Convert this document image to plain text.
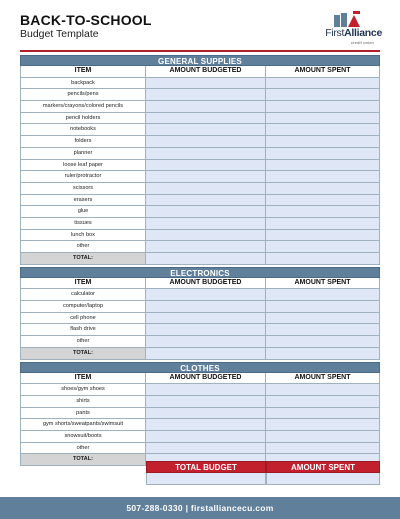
BACK-TO-SCHOOL
Budget Template	FirstAlliance
credit union
GENERAL SUPPLIES
ITEM	AMOUNT BUDGETED	AMOUNT SPENT
backpack
pencils/pens
markers/crayons/colored pencils
pencil holders
notebooks
folders
planner
loose leaf paper
ruler/protractor
scissors
erasers
glue
tissues
lunch box
other
TOTAL:
ELECTRONICS
ITEM	AMOUNT BUDGETED	AMOUNT SPENT
calculator
computer/laptop
cell phone
flash drive
other
TOTAL:
CLOTHES
ITEM	AMOUNT BUDGETED	AMOUNT SPENT
shoes/gym shoes
shirts
pants
gym shorts/sweatpants/swimsuit
snowsuit/boots
other
TOTAL:
TOTAL BUDGET	AMOUNT SPENT
507-288-0330 | firstalliancecu.com
